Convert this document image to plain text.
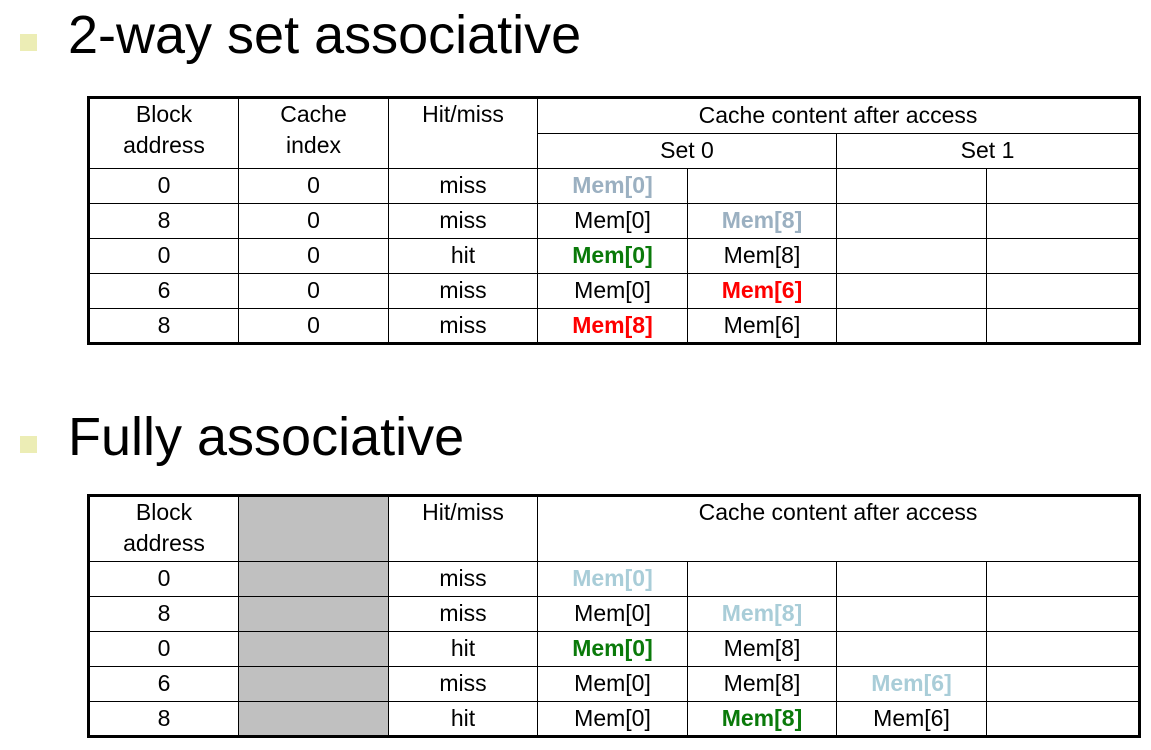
2-way set associative
Block
address	Cache
index	Hit/miss	Cache content after access			
			Set 0		Set 1	
0	0	miss	Mem[0]			
8	0	miss	Mem[0]	Mem[8]		
0	0	hit	Mem[0]	Mem[8]		
6	0	miss	Mem[0]	Mem[6]		
8	0	miss	Mem[8]	Mem[6]		
Fully associative
Block
address		Hit/miss	Cache content after access			
0		miss	Mem[0]			
8		miss	Mem[0]	Mem[8]		
0		hit	Mem[0]	Mem[8]		
6		miss	Mem[0]	Mem[8]	Mem[6]	
8		hit	Mem[0]	Mem[8]	Mem[6]	
